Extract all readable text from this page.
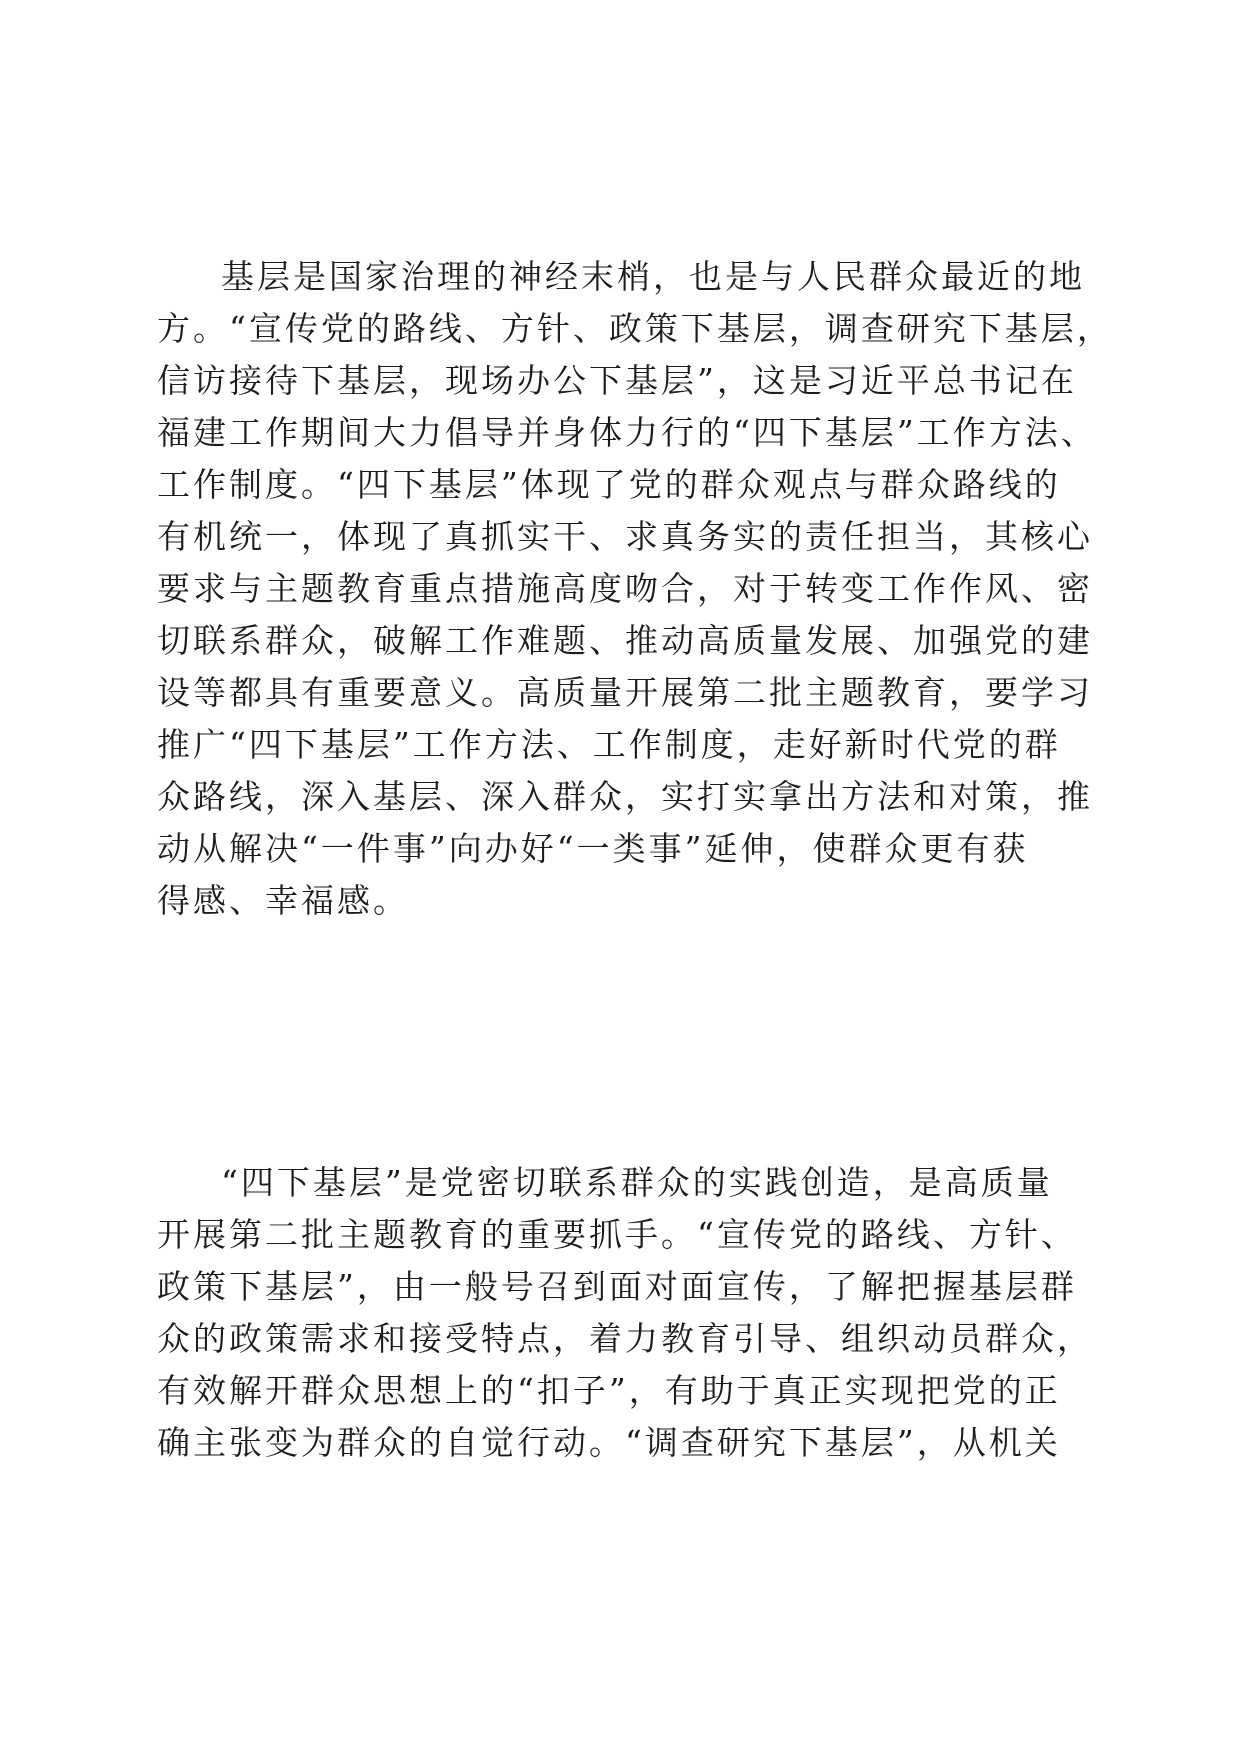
基层是国家治理的神经末梢，也是与人民群众最近的地
方。“宣传党的路线、方针、政策下基层，调查研究下基层，
信访接待下基层，现场办公下基层”，这是习近平总书记在
福建工作期间大力倡导并身体力行的“四下基层”工作方法、
工作制度。“四下基层”体现了党的群众观点与群众路线的
有机统一，体现了真抓实干、求真务实的责任担当，其核心
要求与主题教育重点措施高度吻合，对于转变工作作风、密
切联系群众，破解工作难题、推动高质量发展、加强党的建
设等都具有重要意义。高质量开展第二批主题教育，要学习
推广“四下基层”工作方法、工作制度，走好新时代党的群
众路线，深入基层、深入群众，实打实拿出方法和对策，推
动从解决“一件事”向办好“一类事”延伸，使群众更有获
得感、幸福感。
“四下基层”是党密切联系群众的实践创造，是高质量
开展第二批主题教育的重要抓手。“宣传党的路线、方针、
政策下基层”，由一般号召到面对面宣传，了解把握基层群
众的政策需求和接受特点，着力教育引导、组织动员群众，
有效解开群众思想上的“扣子”，有助于真正实现把党的正
确主张变为群众的自觉行动。“调查研究下基层”，从机关
